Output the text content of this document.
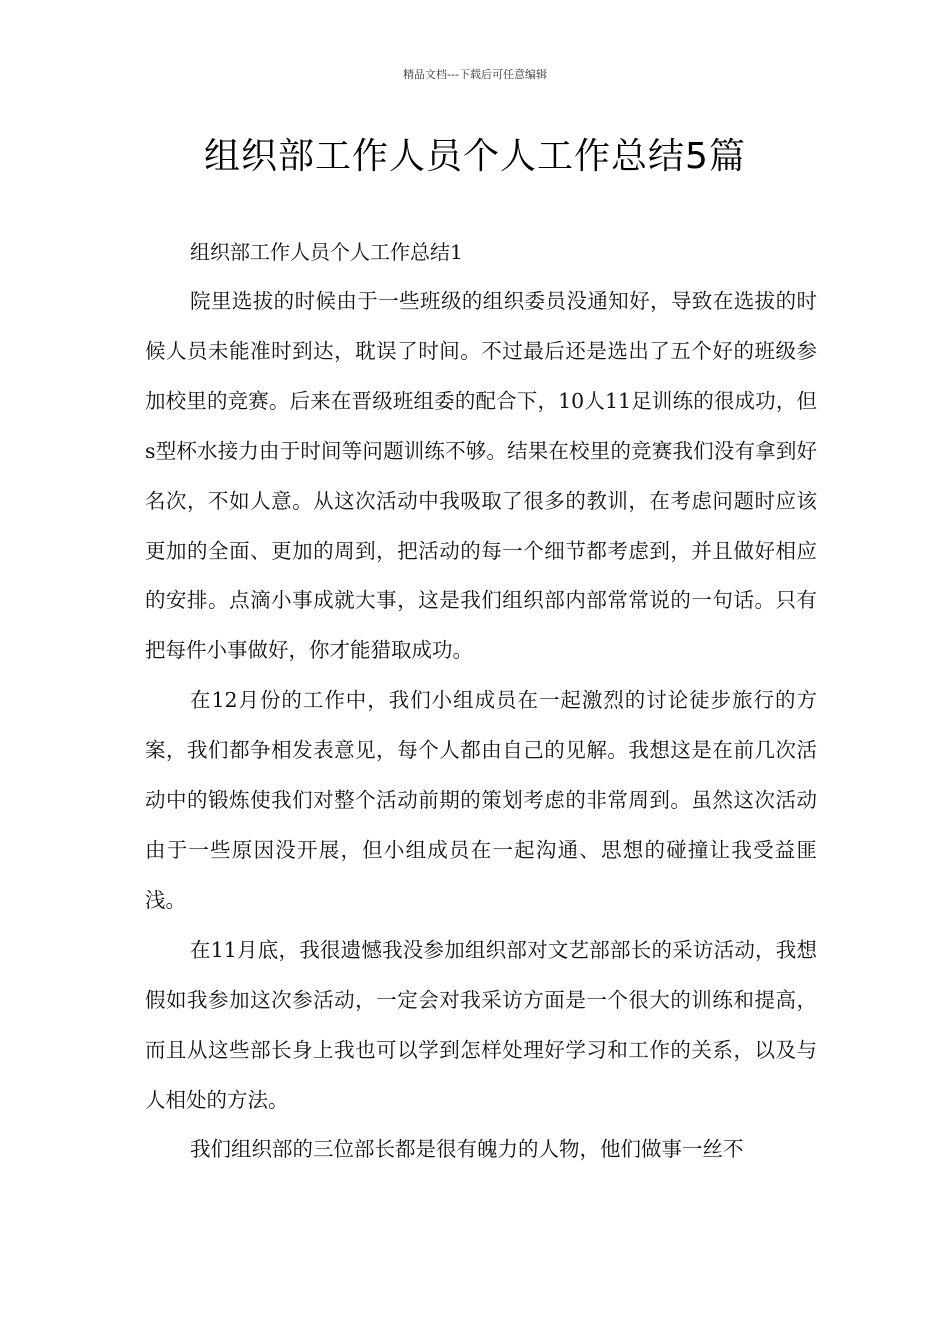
精品文档---下载后可任意编辑
组织部工作人员个人工作总结5篇
组织部工作人员个人工作总结1

院里选拔的时候由于一些班级的组织委员没通知好，导致在选拔的时候人员未能准时到达，耽误了时间。不过最后还是选出了五个好的班级参加校里的竞赛。后来在晋级班组委的配合下，10人11足训练的很成功，但s型杯水接力由于时间等问题训练不够。结果在校里的竞赛我们没有拿到好名次，不如人意。从这次活动中我吸取了很多的教训，在考虑问题时应该更加的全面、更加的周到，把活动的每一个细节都考虑到，并且做好相应的安排。点滴小事成就大事，这是我们组织部内部常常说的一句话。只有把每件小事做好，你才能猎取成功。

在12月份的工作中，我们小组成员在一起激烈的讨论徒步旅行的方案，我们都争相发表意见，每个人都由自己的见解。我想这是在前几次活动中的锻炼使我们对整个活动前期的策划考虑的非常周到。虽然这次活动由于一些原因没开展，但小组成员在一起沟通、思想的碰撞让我受益匪浅。

在11月底，我很遗憾我没参加组织部对文艺部部长的采访活动，我想假如我参加这次参活动，一定会对我采访方面是一个很大的训练和提高，而且从这些部长身上我也可以学到怎样处理好学习和工作的关系，以及与人相处的方法。

我们组织部的三位部长都是很有魄力的人物，他们做事一丝不
